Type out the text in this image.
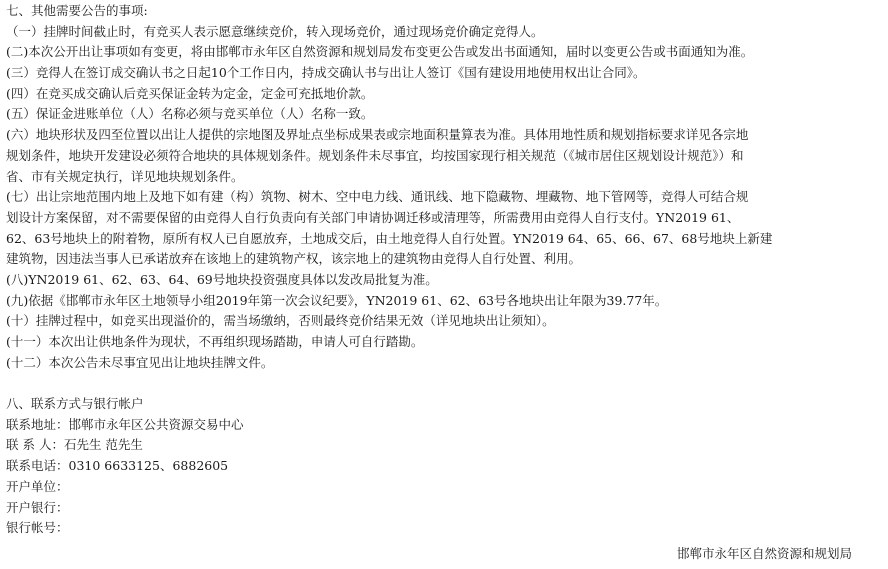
七、其他需要公告的事项:
（一）挂牌时间截止时，有竞买人表示愿意继续竞价，转入现场竞价，通过现场竞价确定竞得人。
(二)本次公开出让事项如有变更，将由邯郸市永年区自然资源和规划局发布变更公告或发出书面通知，届时以变更公告或书面通知为准。
(三）竞得人在签订成交确认书之日起10个工作日内，持成交确认书与出让人签订《国有建设用地使用权出让合同》。
(四）在竞买成交确认后竞买保证金转为定金，定金可充抵地价款。
(五）保证金进账单位（人）名称必须与竞买单位（人）名称一致。
(六）地块形状及四至位置以出让人提供的宗地图及界址点坐标成果表或宗地面积量算表为准。具体用地性质和规划指标要求详见各宗地
规划条件，地块开发建设必须符合地块的具体规划条件。规划条件未尽事宜，均按国家现行相关规范（《城市居住区规划设计规范》）和
省、市有关规定执行，详见地块规划条件。
(七）出让宗地范围内地上及地下如有建（构）筑物、树木、空中电力线、通讯线、地下隐藏物、埋藏物、地下管网等，竞得人可结合规
划设计方案保留，对不需要保留的由竞得人自行负责向有关部门申请协调迁移或清理等，所需费用由竞得人自行支付。YN2019 61、
62、63号地块上的附着物，原所有权人已自愿放弃，土地成交后，由土地竞得人自行处置。YN2019 64、65、66、67、68号地块上新建
建筑物，因违法当事人已承诺放弃在该地上的建筑物产权，该宗地上的建筑物由竞得人自行处置、利用。
(八)YN2019 61、62、63、64、69号地块投资强度具体以发改局批复为准。
(九)依据《邯郸市永年区土地领导小组2019年第一次会议纪要》，YN2019 61、62、63号各地块出让年限为39.77年。
(十）挂牌过程中，如竞买出现溢价的，需当场缴纳，否则最终竞价结果无效（详见地块出让须知）。
(十一）本次出让供地条件为现状，不再组织现场踏勘，申请人可自行踏勘。
(十二）本次公告未尽事宜见出让地块挂牌文件。
八、联系方式与银行帐户
联系地址：邯郸市永年区公共资源交易中心
联 系 人：石先生 范先生
联系电话：0310 6633125、6882605
开户单位：
开户银行：
银行帐号：
邯郸市永年区自然资源和规划局
